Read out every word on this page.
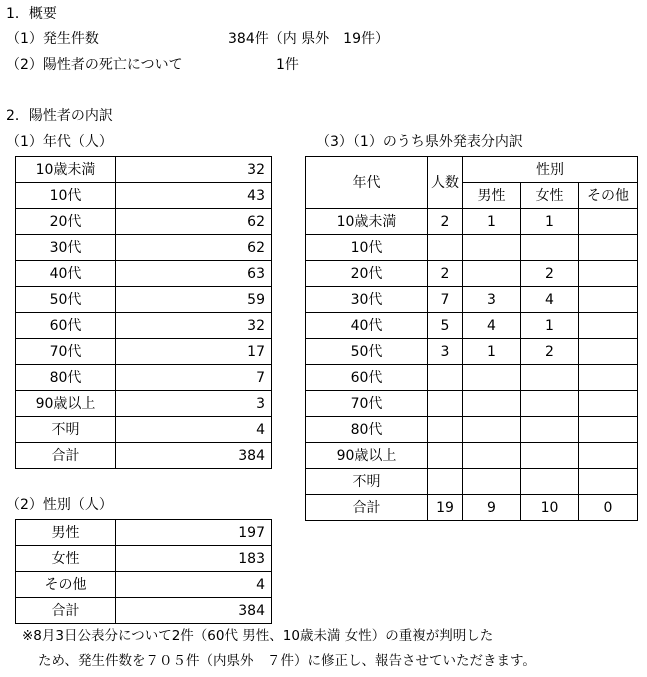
1．概要
（1）発生件数	384件（内 県外　19件）
（2）陽性者の死亡について	1件
2．陽性者の内訳
（1）年代（人）	（3）（1）のうち県外発表分内訳
10歳未満	32
10代	43
20代	62
30代	62
40代	63
50代	59
60代	32
70代	17
80代	7
90歳以上	3
不明	4
合計	384
（2）性別（人）
男性	197
女性	183
その他	4
合計	384
年代	人数	性別		
		男性	女性	その他
10歳未満	2	1	1	
10代				
20代	2		2	
30代	7	3	4	
40代	5	4	1	
50代	3	1	2	
60代				
70代				
80代				
90歳以上				
不明				
合計	19	9	10	0
※8月3日公表分について2件（60代 男性、10歳未満 女性）の重複が判明した
ため、発生件数を７０５件（内県外　７件）に修正し、報告させていただきます。
